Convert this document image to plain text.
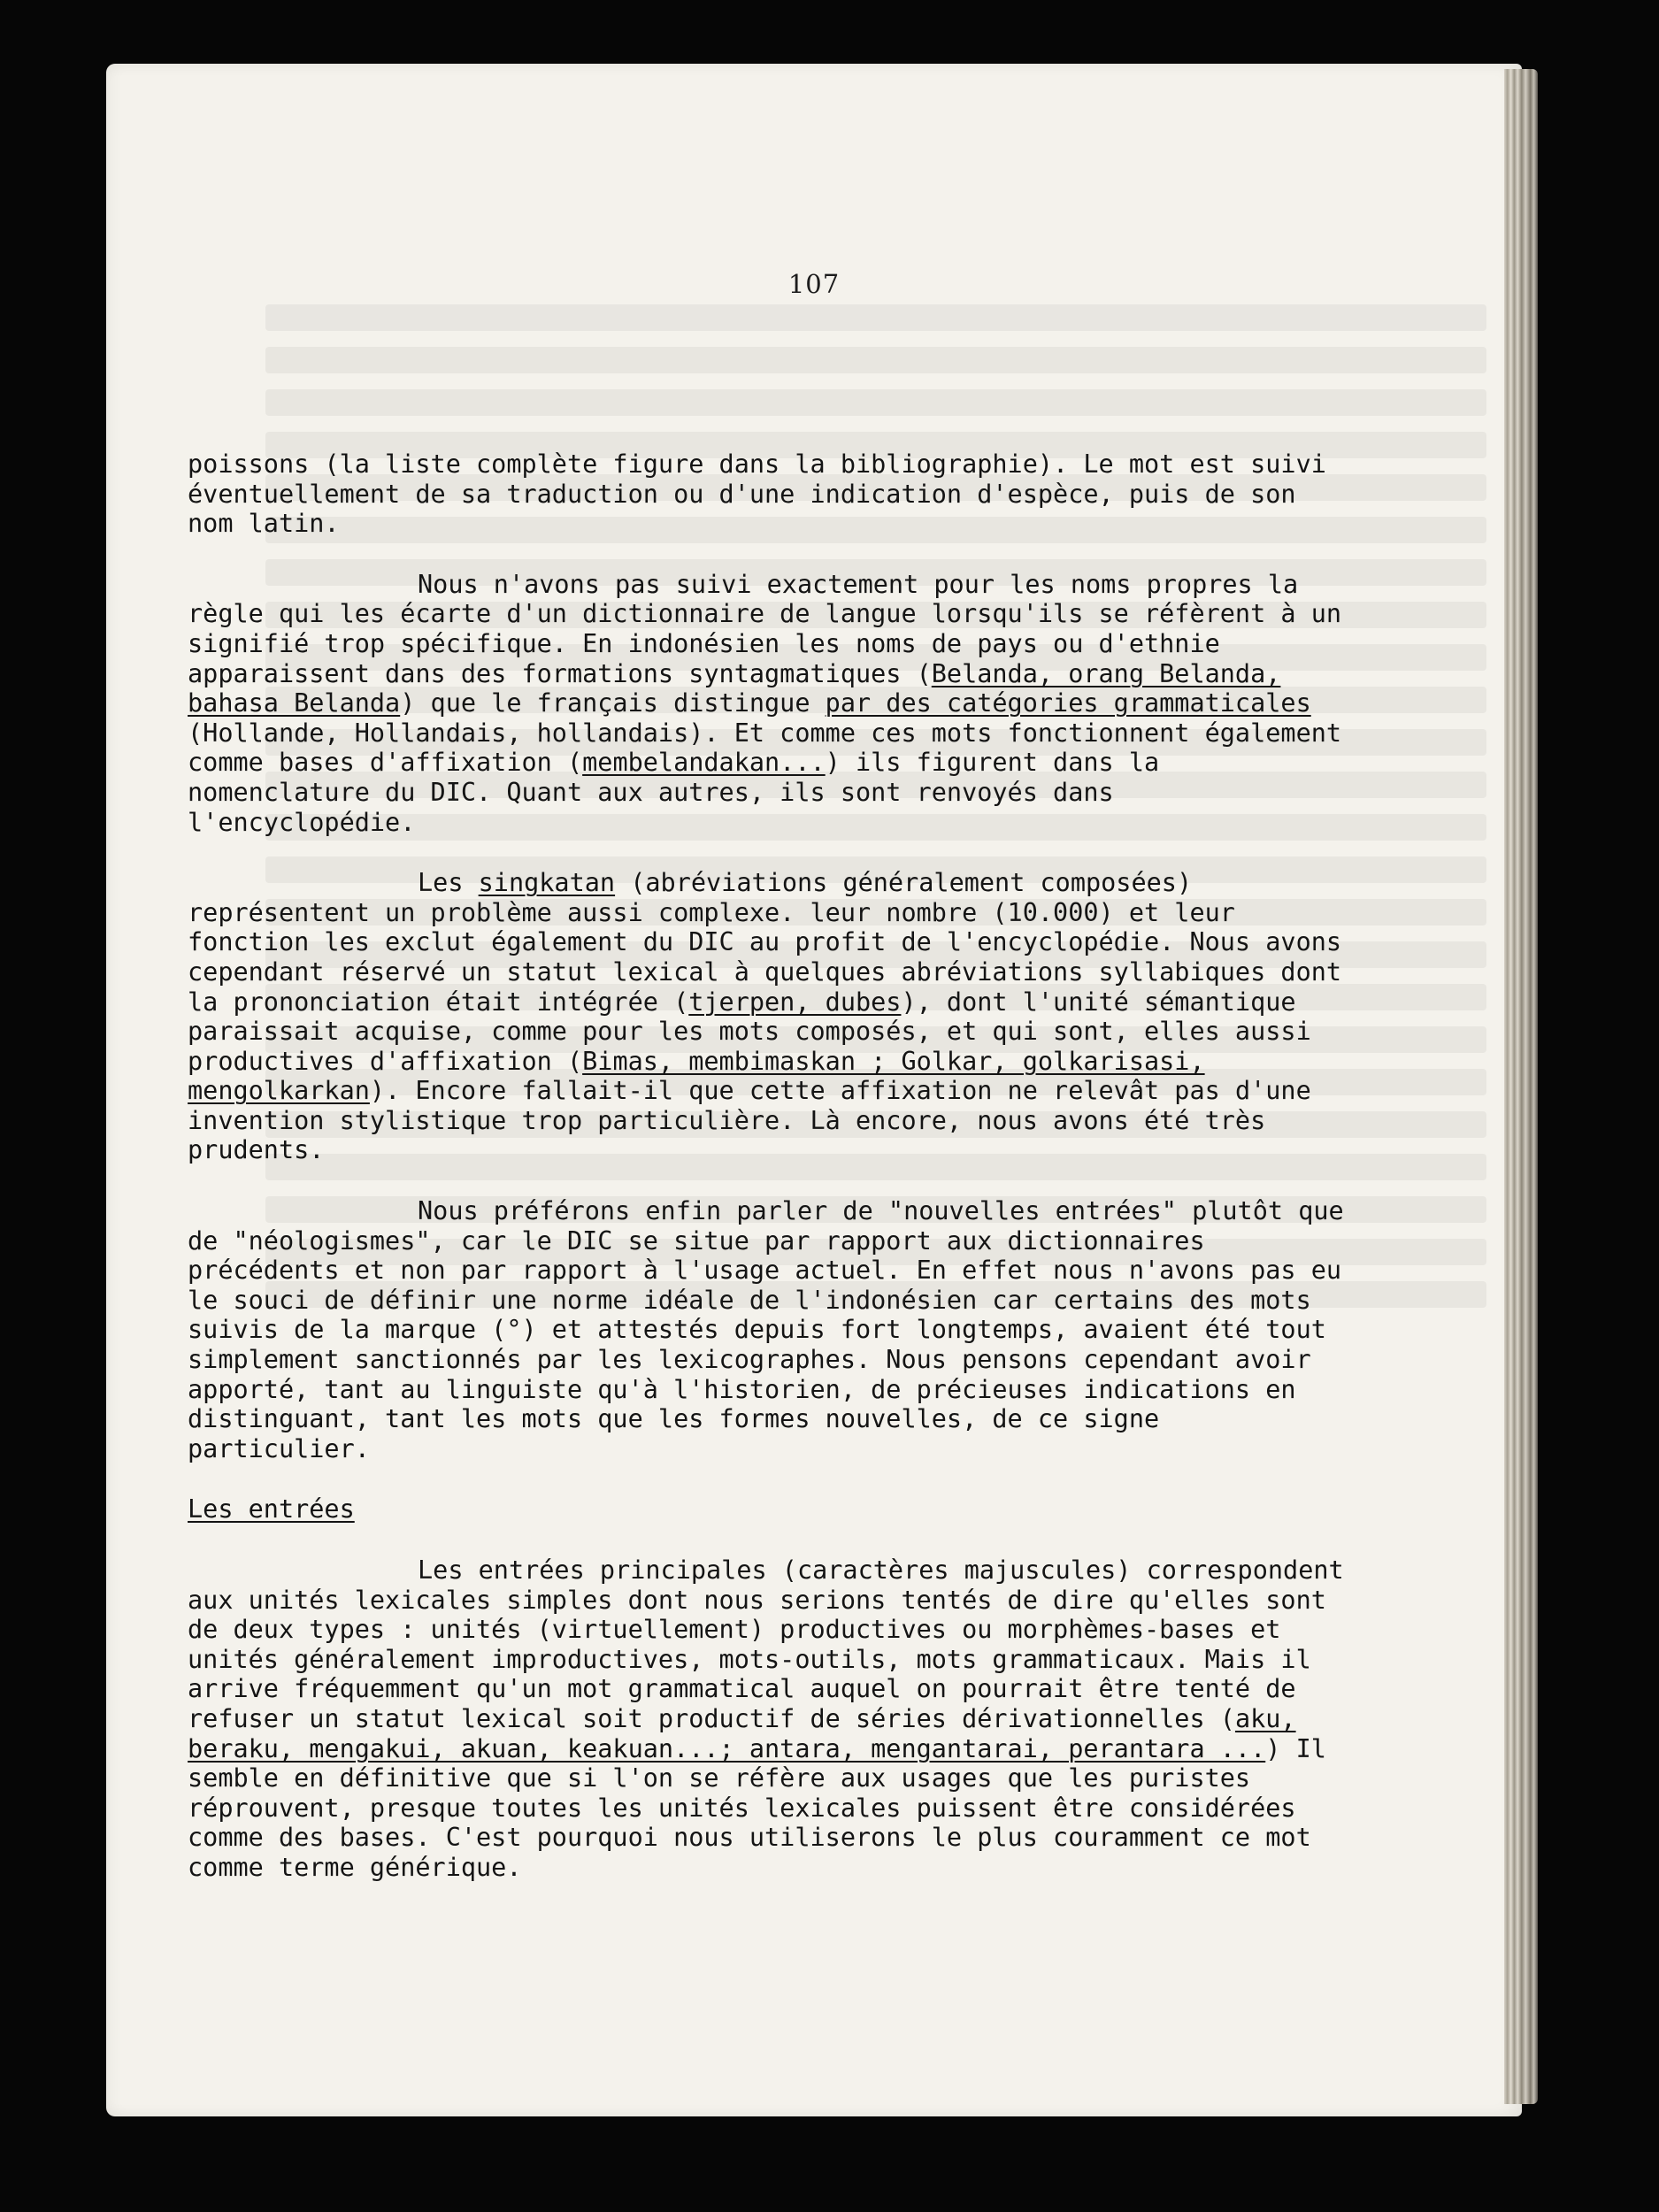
107
poissons (la liste complète figure dans la bibliographie). Le mot est suivi éventuellement de sa traduction ou d'une indication d'espèce, puis de son nom latin.
Nous n'avons pas suivi exactement pour les noms propres la règle qui les écarte d'un dictionnaire de langue lorsqu'ils se réfèrent à un signifié trop spécifique. En indonésien les noms de pays ou d'ethnie apparaissent dans des formations syntagmatiques (Belanda, orang Belanda, bahasa Belanda) que le français distingue par des catégories grammaticales (Hollande, Hollandais, hollandais). Et comme ces mots fonctionnent également comme bases d'affixation (membelandakan...) ils figurent dans la nomenclature du DIC. Quant aux autres, ils sont renvoyés dans l'encyclopédie.
Les singkatan (abréviations généralement composées) représentent un problème aussi complexe. leur nombre (10.000) et leur fonction les exclut également du DIC au profit de l'encyclopédie. Nous avons cependant réservé un statut lexical à quelques abréviations syllabiques dont la prononciation était intégrée (tjerpen, dubes), dont l'unité sémantique paraissait acquise, comme pour les mots composés, et qui sont, elles aussi productives d'affixation (Bimas, membimaskan ; Golkar, golkarisasi, mengolkarkan). Encore fallait-il que cette affixation ne relevât pas d'une invention stylistique trop particulière. Là encore, nous avons été très prudents.
Nous préférons enfin parler de "nouvelles entrées" plutôt que de "néologismes", car le DIC se situe par rapport aux dictionnaires précédents et non par rapport à l'usage actuel. En effet nous n'avons pas eu le souci de définir une norme idéale de l'indonésien car certains des mots suivis de la marque (°) et attestés depuis fort longtemps, avaient été tout simplement sanctionnés par les lexicographes. Nous pensons cependant avoir apporté, tant au linguiste qu'à l'historien, de précieuses indications en distinguant, tant les mots que les formes nouvelles, de ce signe particulier.
Les entrées
Les entrées principales (caractères majuscules) correspondent aux unités lexicales simples dont nous serions tentés de dire qu'elles sont de deux types : unités (virtuellement) productives ou morphèmes-bases et unités généralement improductives, mots-outils, mots grammaticaux. Mais il arrive fréquemment qu'un mot grammatical auquel on pourrait être tenté de refuser un statut lexical soit productif de séries dérivationnelles (aku, beraku, mengakui, akuan, keakuan...; antara, mengantarai, perantara ...) Il semble en définitive que si l'on se réfère aux usages que les puristes réprouvent, presque toutes les unités lexicales puissent être considérées comme des bases. C'est pourquoi nous utiliserons le plus couramment ce mot comme terme générique.
